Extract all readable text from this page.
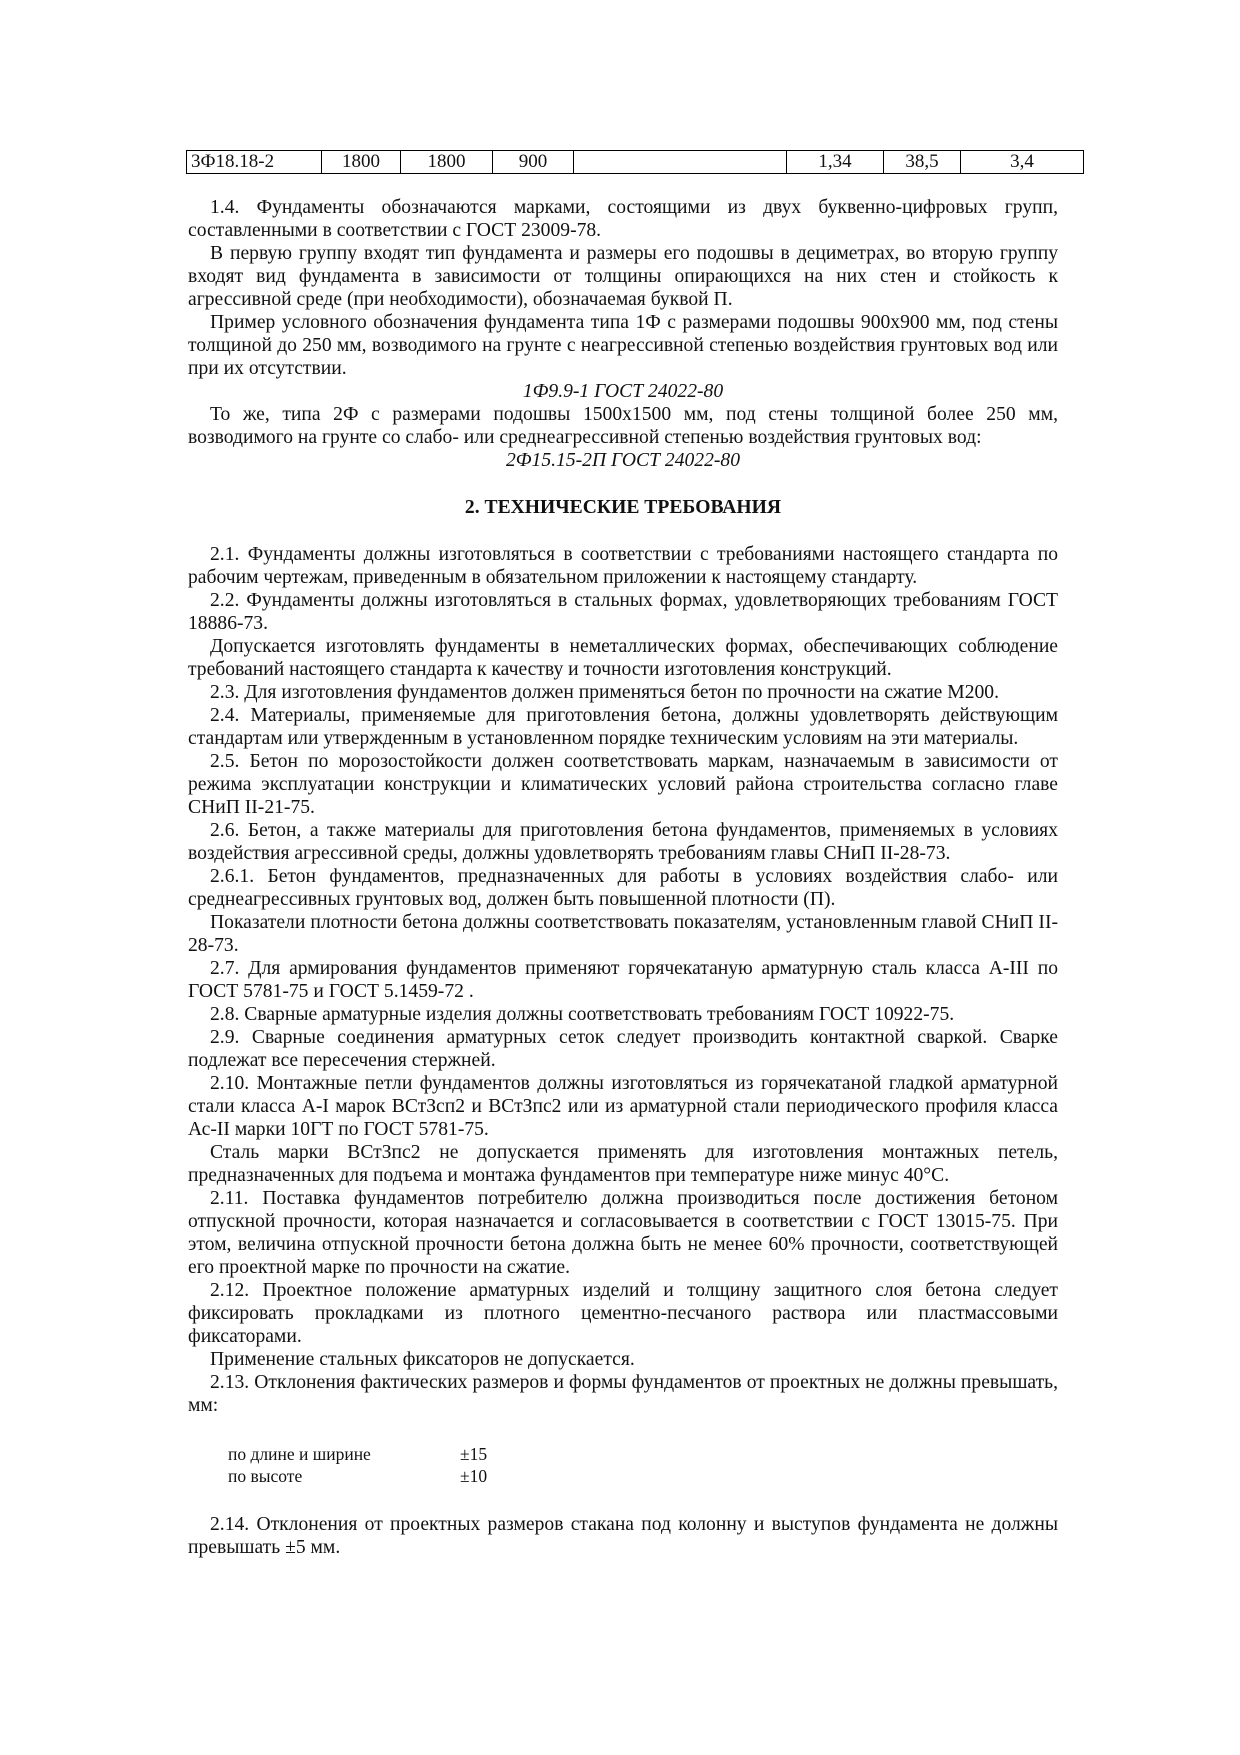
3Ф18.18-2	1800	1800	900		1,34	38,5	3,4

1.4. Фундаменты обозначаются марками, состоящими из двух буквенно-цифровых групп, составленными в соответствии с ГОСТ 23009-78.

В первую группу входят тип фундамента и размеры его подошвы в дециметрах, во вторую группу входят вид фундамента в зависимости от толщины опирающихся на них стен и стойкость к агрессивной среде (при необходимости), обозначаемая буквой П.

Пример условного обозначения фундамента типа 1Ф с размерами подошвы 900х900 мм, под стены толщиной до 250 мм, возводимого на грунте с неагрессивной степенью воздействия грунтовых вод или при их отсутствии.

1Ф9.9-1 ГОСТ 24022-80

То же, типа 2Ф с размерами подошвы 1500х1500 мм, под стены толщиной более 250 мм, возводимого на грунте со слабо- или среднеагрессивной степенью воздействия грунтовых вод:

2Ф15.15-2П ГОСТ 24022-80

2. ТЕХНИЧЕСКИЕ ТРЕБОВАНИЯ

2.1. Фундаменты должны изготовляться в соответствии с требованиями настоящего стандарта по рабочим чертежам, приведенным в обязательном приложении к настоящему стандарту.

2.2. Фундаменты должны изготовляться в стальных формах, удовлетворяющих требованиям ГОСТ 18886-73.

Допускается изготовлять фундаменты в неметаллических формах, обеспечивающих соблюдение требований настоящего стандарта к качеству и точности изготовления конструкций.

2.3. Для изготовления фундаментов должен применяться бетон по прочности на сжатие М200.

2.4. Материалы, применяемые для приготовления бетона, должны удовлетворять действующим стандартам или утвержденным в установленном порядке техническим условиям на эти материалы.

2.5. Бетон по морозостойкости должен соответствовать маркам, назначаемым в зависимости от режима эксплуатации конструкции и климатических условий района строительства согласно главе СНиП II-21-75.

2.6. Бетон, а также материалы для приготовления бетона фундаментов, применяемых в условиях воздействия агрессивной среды, должны удовлетворять требованиям главы СНиП II-28-73.

2.6.1. Бетон фундаментов, предназначенных для работы в условиях воздействия слабо- или среднеагрессивных грунтовых вод, должен быть повышенной плотности (П).

Показатели плотности бетона должны соответствовать показателям, установленным главой СНиП II-28-73.

2.7. Для армирования фундаментов применяют горячекатаную арматурную сталь класса А-III по ГОСТ 5781-75 и ГОСТ 5.1459-72 .

2.8. Сварные арматурные изделия должны соответствовать требованиям ГОСТ 10922-75.

2.9. Сварные соединения арматурных сеток следует производить контактной сваркой. Сварке подлежат все пересечения стержней.

2.10. Монтажные петли фундаментов должны изготовляться из горячекатаной гладкой арматурной стали класса А-I марок ВСтЗсп2 и ВСтЗпс2 или из арматурной стали периодического профиля класса Ас-II марки 10ГТ по ГОСТ 5781-75.

Сталь марки ВСтЗпс2 не допускается применять для изготовления монтажных петель, предназначенных для подъема и монтажа фундаментов при температуре ниже минус 40°С.

2.11. Поставка фундаментов потребителю должна производиться после достижения бетоном отпускной прочности, которая назначается и согласовывается в соответствии с ГОСТ 13015-75. При этом, величина отпускной прочности бетона должна быть не менее 60% прочности, соответствующей его проектной марке по прочности на сжатие.

2.12. Проектное положение арматурных изделий и толщину защитного слоя бетона следует фиксировать прокладками из плотного цементно-песчаного раствора или пластмассовыми фиксаторами.

Применение стальных фиксаторов не допускается.

2.13. Отклонения фактических размеров и формы фундаментов от проектных не должны превышать, мм:

по длине и ширине	±15
по высоте	±10

2.14. Отклонения от проектных размеров стакана под колонну и выступов фундамента не должны превышать ±5 мм.
